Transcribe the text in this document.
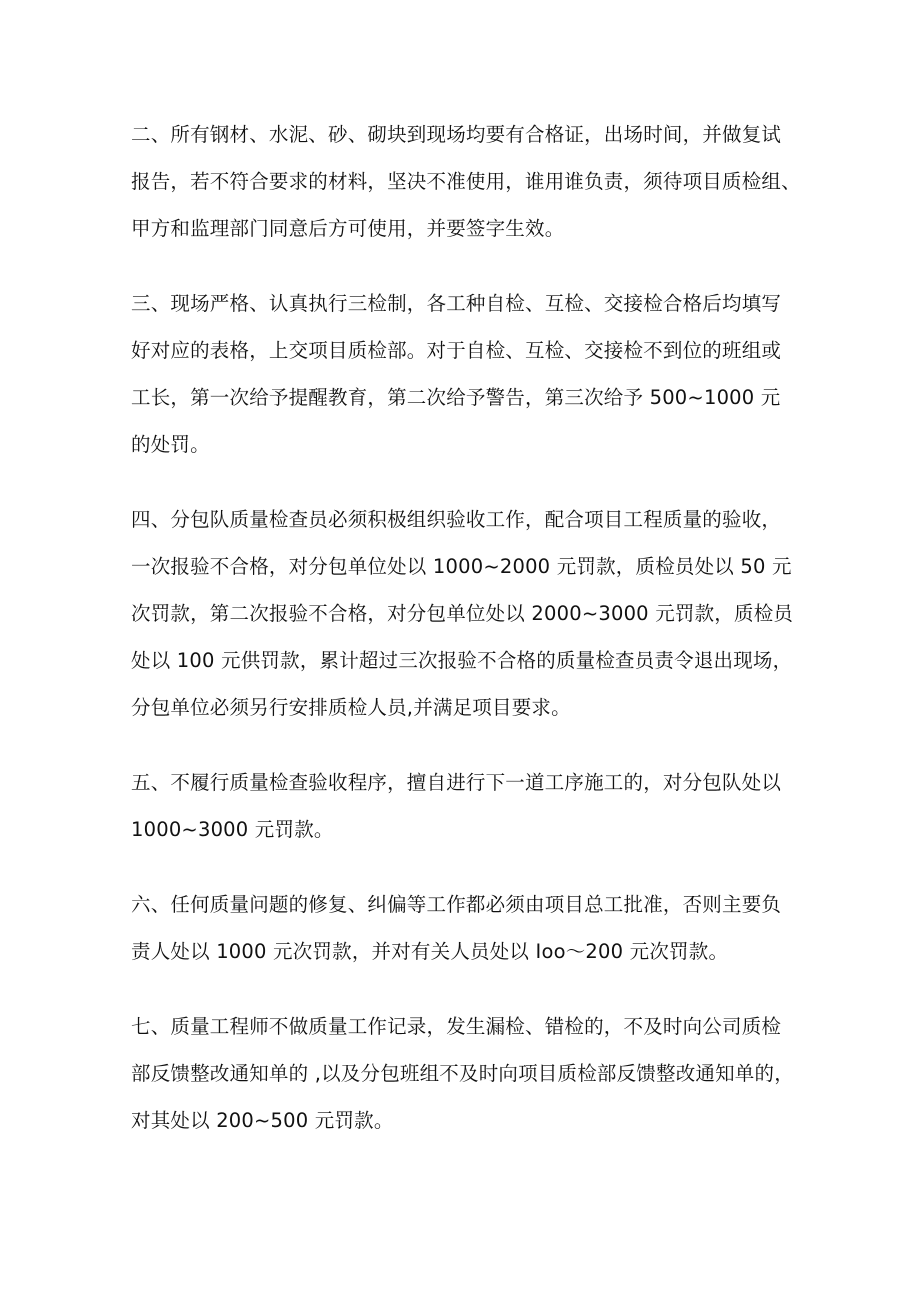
二、所有钢材、水泥、砂、砌块到现场均要有合格证，出场时间，并做复试
报告，若不符合要求的材料，坚决不准使用，谁用谁负责，须待项目质检组、
甲方和监理部门同意后方可使用，并要签字生效。
三、现场严格、认真执行三检制，各工种自检、互检、交接检合格后均填写
好对应的表格，上交项目质检部。对于自检、互检、交接检不到位的班组或
工长，第一次给予提醒教育，第二次给予警告，第三次给予 500~1000 元
的处罚。
四、分包队质量检查员必须积极组织验收工作，配合项目工程质量的验收，
一次报验不合格，对分包单位处以 1000~2000 元罚款，质检员处以 50 元
次罚款，第二次报验不合格，对分包单位处以 2000~3000 元罚款，质检员
处以 100 元供罚款，累计超过三次报验不合格的质量检查员责令退出现场，
分包单位必须另行安排质检人员,并满足项目要求。
五、不履行质量检查验收程序，擅自进行下一道工序施工的，对分包队处以
1000~3000 元罚款。
六、任何质量问题的修复、纠偏等工作都必须由项目总工批准，否则主要负
责人处以 1000 元次罚款，并对有关人员处以 Ioo～200 元次罚款。
七、质量工程师不做质量工作记录，发生漏检、错检的，不及时向公司质检
部反馈整改通知单的 ,以及分包班组不及时向项目质检部反馈整改通知单的，
对其处以 200~500 元罚款。
